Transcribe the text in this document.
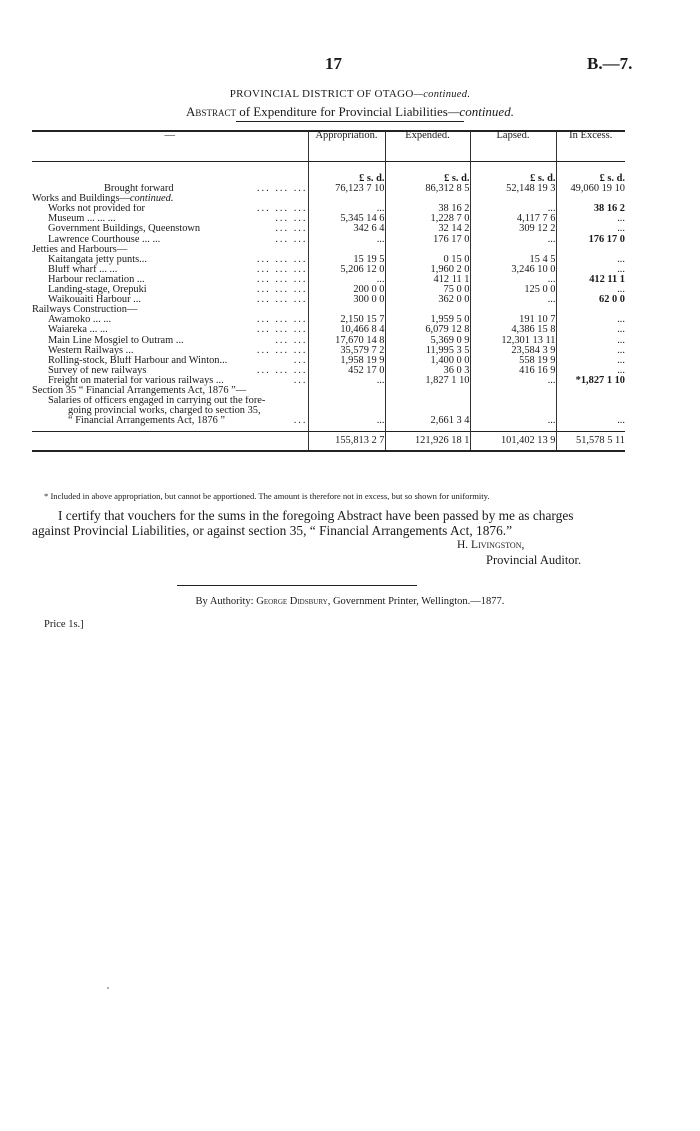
17	B.—7.
PROVINCIAL DISTRICT OF OTAGO—continued.
Abstract of Expenditure for Provincial Liabilities—continued.
—	Appropriation.	Expended.	Lapsed.	In Excess.
	£ s. d.	£ s. d.	£ s. d.	£ s. d.
Brought forward ... ... ...	76,123 7 10	86,312 8 5	52,148 19 3	49,060 19 10
Works and Buildings—continued.				
Works not provided for ... ... ...	...	38 16 2	...	38 16 2
Museum ... ... ... ... ...	5,345 14 6	1,228 7 0	4,117 7 6	...
Government Buildings, Queenstown ... ...	342 6 4	32 14 2	309 12 2	...
Lawrence Courthouse ... ... ... ...	...	176 17 0	...	176 17 0
Jetties and Harbours—				
Kaitangata jetty punts... ... ... ...	15 19 5	0 15 0	15 4 5	...
Bluff wharf ... ... ... ... ...	5,206 12 0	1,960 2 0	3,246 10 0	...
Harbour reclamation ... ... ... ...	...	412 11 1	...	412 11 1
Landing-stage, Orepuki ... ... ...	200 0 0	75 0 0	125 0 0	...
Waikouaiti Harbour ... ... ... ...	300 0 0	362 0 0	...	62 0 0
Railways Construction—				
Awamoko ... ... ... ... ...	2,150 15 7	1,959 5 0	191 10 7	...
Waiareka ... ... ... ... ...	10,466 8 4	6,079 12 8	4,386 15 8	...
Main Line Mosgiel to Outram ... ... ...	17,670 14 8	5,369 0 9	12,301 13 11	...
Western Railways ... ... ... ...	35,579 7 2	11,995 3 5	23,584 3 9	...
Rolling-stock, Bluff Harbour and Winton... ...	1,958 19 9	1,400 0 0	558 19 9	...
Survey of new railways ... ... ...	452 17 0	36 0 3	416 16 9	...
Freight on material for various railways ... ...	...	1,827 1 10	...	*1,827 1 10
Section 35 “ Financial Arrangements Act, 1876 ”—				
Salaries of officers engaged in carrying out the fore-				
going provincial works, charged to section 35,				
“ Financial Arrangements Act, 1876 ” ...	...	2,661 3 4	...	...
	155,813 2 7	121,926 18 1	101,402 13 9	51,578 5 11
* Included in above appropriation, but cannot be apportioned. The amount is therefore not in excess, but so shown for uniformity.
I certify that vouchers for the sums in the foregoing Abstract have been passed by me as charges
against Provincial Liabilities, or against section 35, “ Financial Arrangements Act, 1876.”
H. Livingston,
Provincial Auditor.
By Authority: George Didsbury, Government Printer, Wellington.—1877.
Price 1s.]
